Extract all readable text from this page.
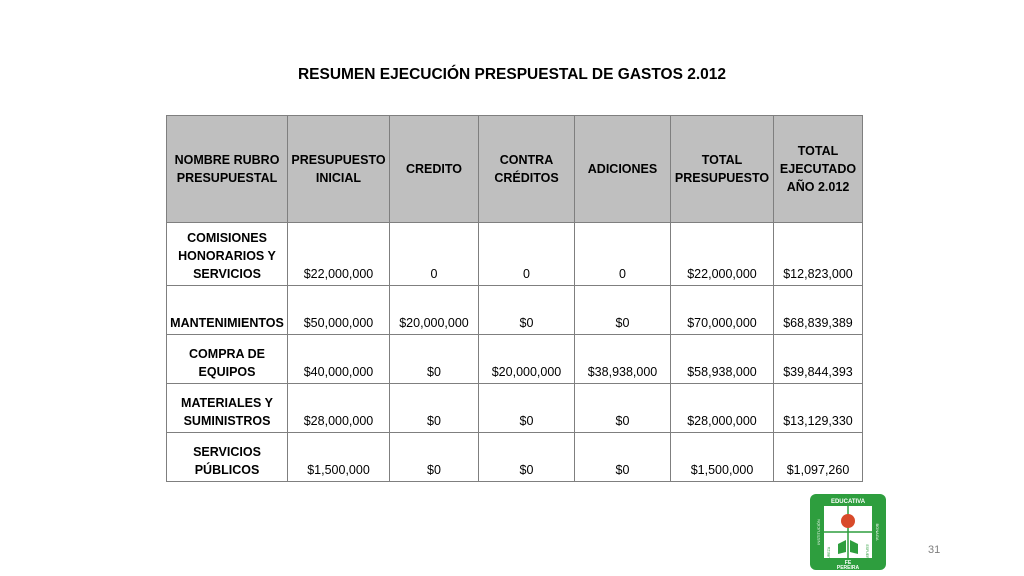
RESUMEN EJECUCIÓN PRESPUESTAL DE GASTOS 2.012
NOMBRE RUBRO PRESUPUESTAL	PRESUPUESTO INICIAL	CREDITO	CONTRA CRÉDITOS	ADICIONES	TOTAL PRESUPUESTO	TOTAL EJECUTADO AÑO 2.012
COMISIONES HONORARIOS Y SERVICIOS	$22,000,000	0	0	0	$22,000,000	$12,823,000
MANTENIMIENTOS	$50,000,000	$20,000,000	$0	$0	$70,000,000	$68,839,389
COMPRA DE EQUIPOS	$40,000,000	$0	$20,000,000	$38,938,000	$58,938,000	$39,844,393
MATERIALES Y SUMINISTROS	$28,000,000	$0	$0	$0	$28,000,000	$13,129,330
SERVICIOS PÚBLICOS	$1,500,000	$0	$0	$0	$1,500,000	$1,097,260
EDUCATIVA
INSTITUCIÓN	BONAGA
FE
PEREIRA
PUREZA	ESFUERZO	31
